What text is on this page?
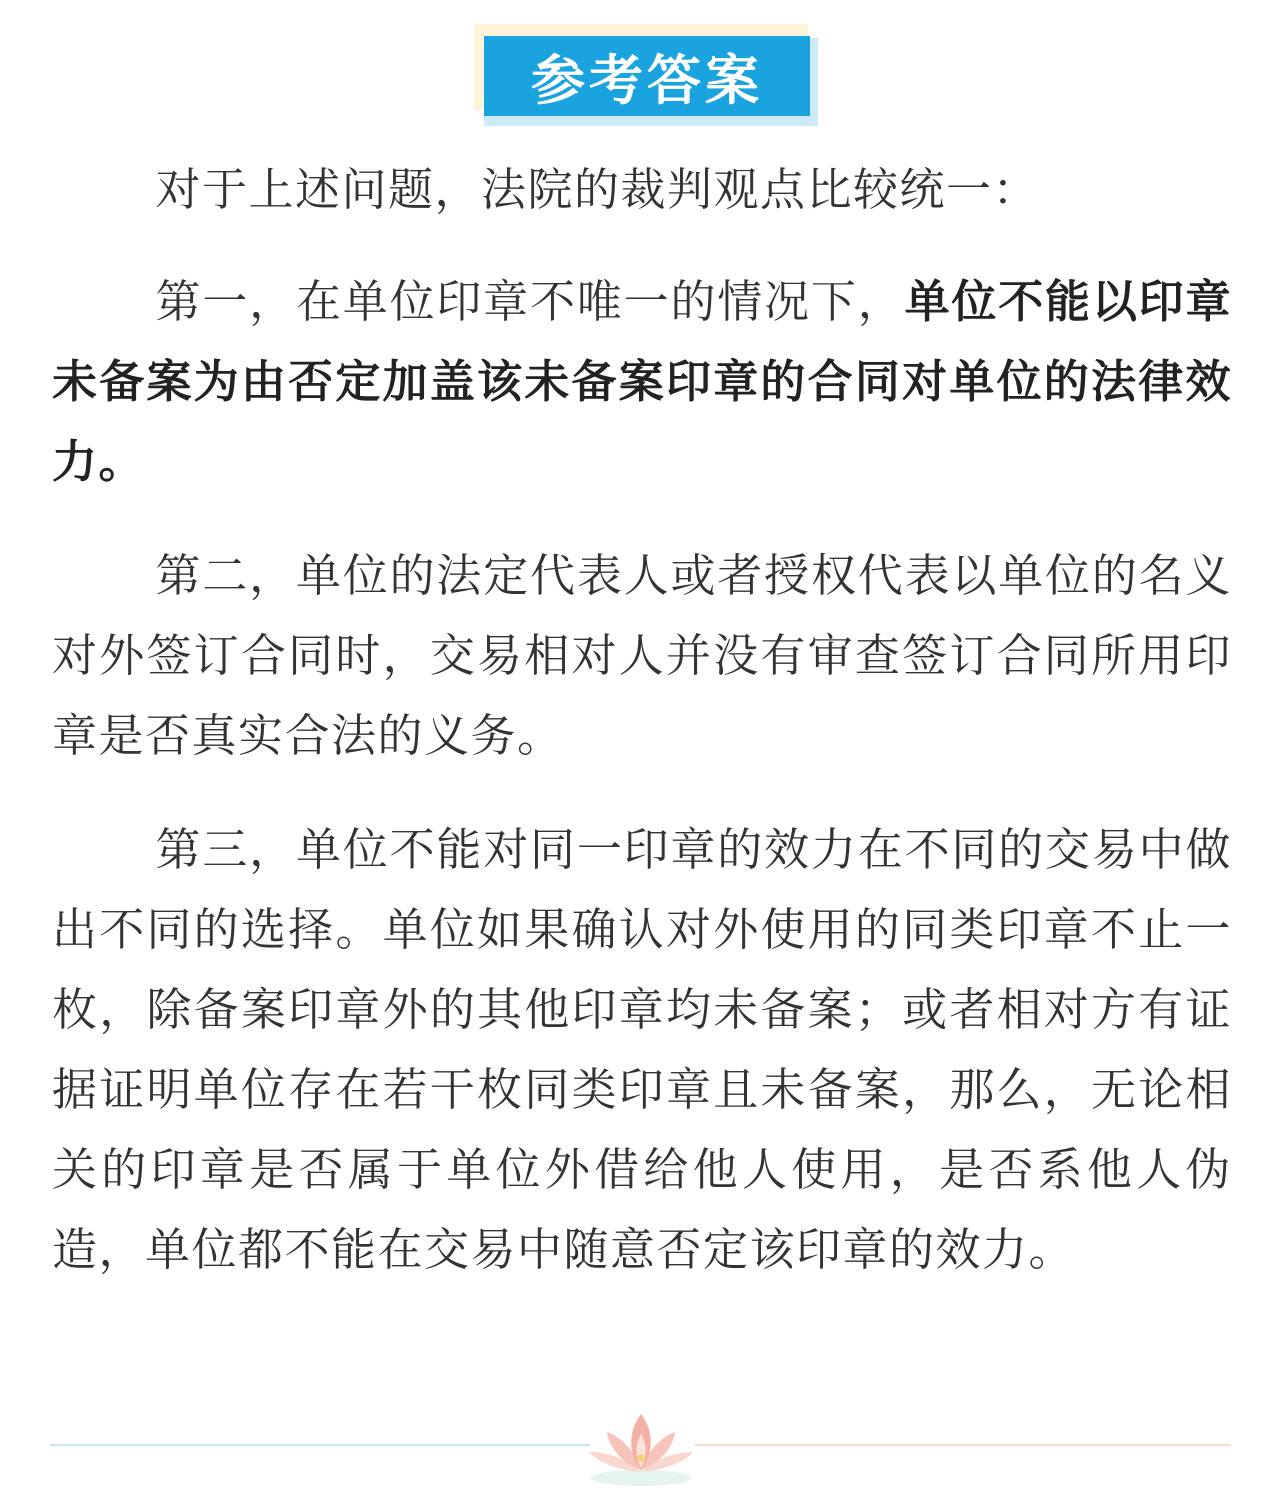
参考答案

对于上述问题，法院的裁判观点比较统一：

第一，在单位印章不唯一的情况下，单位不能以印章未备案为由否定加盖该未备案印章的合同对单位的法律效力。

第二，单位的法定代表人或者授权代表以单位的名义对外签订合同时，交易相对人并没有审查签订合同所用印章是否真实合法的义务。

第三，单位不能对同一印章的效力在不同的交易中做出不同的选择。单位如果确认对外使用的同类印章不止一枚，除备案印章外的其他印章均未备案；或者相对方有证据证明单位存在若干枚同类印章且未备案，那么，无论相关的印章是否属于单位外借给他人使用，是否系他人伪造，单位都不能在交易中随意否定该印章的效力。
